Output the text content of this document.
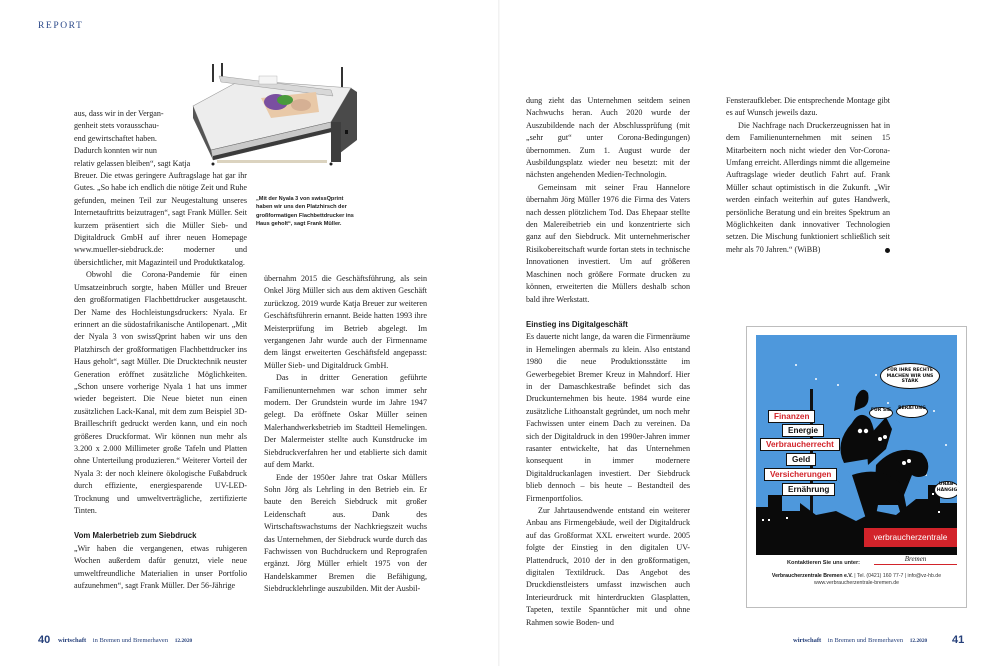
REPORT
„Mit der Nyala 3 von swissQprint haben wir uns den Platzhirsch der großformatigen Flachbettdrucker ins Haus geholt“, sagt Frank Müller.
aus, dass wir in der Vergan-
genheit stets vorausschau-
end gewirtschaftet haben.
Dadurch konnten wir nun
relativ gelassen bleiben“, sagt Katja

Breuer. Die etwas geringere Auftragslage hat gar ihr Gutes. „So habe ich endlich die nötige Zeit und Ruhe gefunden, meinen Teil zur Neugestaltung unseres Internetauftritts beizutragen“, sagt Frank Müller. Seit kurzem präsentiert sich die Müller Sieb- und Digitaldruck GmbH auf ihrer neuen Homepage www.mueller-siebdruck.de: moderner und übersichtlicher, mit Magazinteil und Produktkatalog.

Obwohl die Corona-Pandemie für einen Umsatzeinbruch sorgte, haben Müller und Breuer den großformatigen Flachbettdrucker ausgetauscht. Der Name des Hochleistungsdruckers: Nyala. Er erinnert an die südostafrikanische Antilopenart. „Mit der Nyala 3 von swissQprint haben wir uns den Platzhirsch der großformatigen Flachbettdrucker ins Haus geholt“, sagt Müller. Die Drucktechnik neuster Generation eröffnet zusätzliche Möglichkeiten. „Schon unsere vorherige Nyala 1 hat uns immer wieder begeistert. Die Neue bietet nun einen zusätzlichen Lack-Kanal, mit dem zum Beispiel 3D-Brailleschrift gedruckt werden kann, und ein noch größeres Druckformat. Wir können nun mehr als 3.200 x 2.000 Millimeter große Tafeln und Platten ohne Unterteilung produzieren.“ Weiterer Vorteil der Nyala 3: der noch kleinere ökologische Fußabdruck durch effiziente, energiesparende UV-LED-Trocknung und umweltverträgliche, zertifizierte Tinten.

Vom Malerbetrieb zum Siebdruck

„Wir haben die vergangenen, etwas ruhigeren Wochen außerdem dafür genutzt, viele neue umweltfreundliche Materialien in unser Portfolio aufzunehmen“, sagt Frank Müller. Der 56-Jährige

übernahm 2015 die Geschäftsführung, als sein Onkel Jörg Müller sich aus dem aktiven Geschäft zurückzog. 2019 wurde Katja Breuer zur weiteren Geschäftsführerin ernannt. Beide hatten 1993 ihre Meisterprüfung im Betrieb abgelegt. Im vergangenen Jahr wurde auch der Firmenname dem längst erweiterten Geschäftsfeld angepasst: Müller Sieb- und Digitaldruck GmbH.

Das in dritter Generation geführte Familienunternehmen war schon immer sehr modern. Der Grundstein wurde im Jahre 1947 gelegt. Da eröffnete Oskar Müller seinen Malerhandwerksbetrieb im Stadtteil Hemelingen. Der Malermeister stellte auch Kunstdrucke im Siebdruckverfahren her und etablierte sich damit auf dem Markt.

Ende der 1950er Jahre trat Oskar Müllers Sohn Jörg als Lehrling in den Betrieb ein. Er baute den Bereich Siebdruck mit großer Leidenschaft aus. Dank des Wirtschaftswachstums der Nachkriegszeit wuchs das Unternehmen, der Siebdruck wurde durch das Fachwissen von Buchdruckern und Reprografen ergänzt. Jörg Müller erhielt 1975 von der Handelskammer Bremen die Befähigung, Siebdrucklehrlinge auszubilden. Mit der Ausbil-

40 wirtschaft in Bremen und Bremerhaven 12.2020

dung zieht das Unternehmen seitdem seinen Nachwuchs heran. Auch 2020 wurde der Auszubildende nach der Abschlussprüfung (mit „sehr gut“ unter Corona-Bedingungen) übernommen. Zum 1. August wurde der Ausbildungsplatz wieder neu besetzt: mit der nächsten angehenden Medien-Technologin.

Gemeinsam mit seiner Frau Hannelore übernahm Jörg Müller 1976 die Firma des Vaters nach dessen plötzlichem Tod. Das Ehepaar stellte den Malereibetrieb ein und konzentrierte sich ganz auf den Siebdruck. Mit unternehmerischer Risikobereitschaft wurde fortan stets in technische Innovationen investiert. Um auf größeren Maschinen noch größere Formate drucken zu können, erweiterten die Müllers deshalb schon bald ihre Werkstatt.

Einstieg ins Digitalgeschäft

Es dauerte nicht lange, da waren die Firmenräume in Hemelingen abermals zu klein. Also entstand 1980 die neue Produktionsstätte im Gewerbegebiet Bremer Kreuz in Mahndorf. Hier in der Damaschkestraße befindet sich das Druckunternehmen bis heute. 1984 wurde eine zusätzliche Lithoanstalt gegründet, um noch mehr Fachwissen unter einem Dach zu vereinen. Da sich der Digitaldruck in den 1990er-Jahren immer rasanter entwickelte, hat das Unternehmen konsequent in immer modernere Digitaldruckanlagen investiert. Der Siebdruck blieb dennoch – bis heute – Bestandteil des Firmenportfolios.

Zur Jahrtausendwende entstand ein weiterer Anbau ans Firmengebäude, weil der Digitaldruck auf das Großformat XXL erweitert wurde. 2005 folgte der Einstieg in den digitalen UV-Plattendruck, 2010 der in den großformatigen, digitalen Textildruck. Das Angebot des Druckdienstleisters umfasst inzwischen auch Interieurdruck mit hinterdruckten Glasplatten, Tapeten, textile Spanntücher mit und ohne Rahmen sowie Boden- und

Fensteraufkleber. Die entsprechende Montage gibt es auf Wunsch jeweils dazu.

Die Nachfrage nach Druckerzeugnissen hat in dem Familienunternehmen mit seinen 15 Mitarbeitern noch nicht wieder den Vor-Corona-Umfang erreicht. Allerdings nimmt die allgemeine Auftragslage wieder deutlich Fahrt auf. Frank Müller schaut optimistisch in die Zukunft. „Wir werden einfach weiterhin auf gutes Handwerk, persönliche Beratung und ein breites Spektrum an Möglichkeiten dank innovativer Technologien setzen. Die Mischung funktioniert schließlich seit mehr als 70 Jahren.“ (WiBB)

Finanzen
Energie
Verbraucherrecht
Geld
Versicherungen
Ernährung
FÜR IHRE RECHTE MACHEN WIR UNS STARK
FÜR SIE	BERATUNG
UNAB-HÄNGIG
verbraucherzentrale
Bremen
Kontaktieren Sie uns unter:
Verbraucherzentrale Bremen e.V. | Tel. (0421) 160 77-7 | info@vz-hb.de
www.verbraucherzentrale-bremen.de
wirtschaft in Bremen und Bremerhaven 12.2020 41
